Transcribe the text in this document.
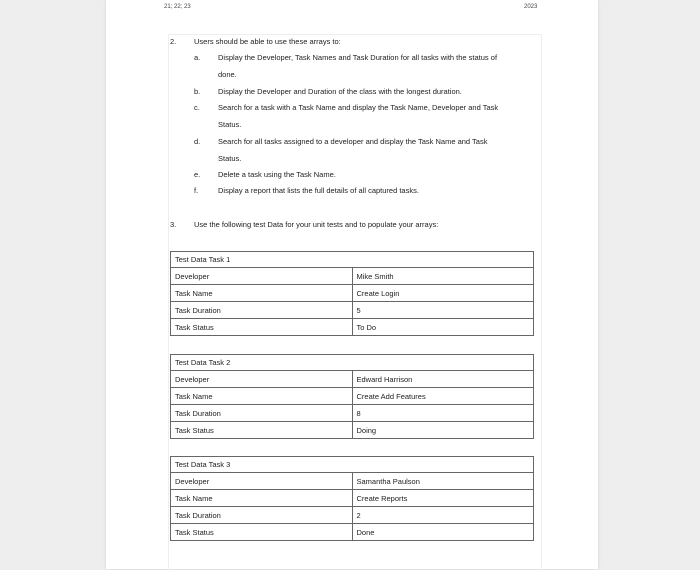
21; 22; 23	2023
2. Users should be able to use these arrays to:
a. Display the Developer, Task Names and Task Duration for all tasks with the status of
done.
b. Display the Developer and Duration of the class with the longest duration.
c. Search for a task with a Task Name and display the Task Name, Developer and Task
Status.
d. Search for all tasks assigned to a developer and display the Task Name and Task
Status.
e. Delete a task using the Task Name.
f.	Display a report that lists the full details of all captured tasks.
3. Use the following test Data for your unit tests and to populate your arrays:
Test Data Task 1	
Developer	Mike Smith
Task Name	Create Login
Task Duration	5
Task Status	To Do
Test Data Task 2	
Developer	Edward Harrison
Task Name	Create Add Features
Task Duration	8
Task Status	Doing
Test Data Task 3	
Developer	Samantha Paulson
Task Name	Create Reports
Task Duration	2
Task Status	Done
